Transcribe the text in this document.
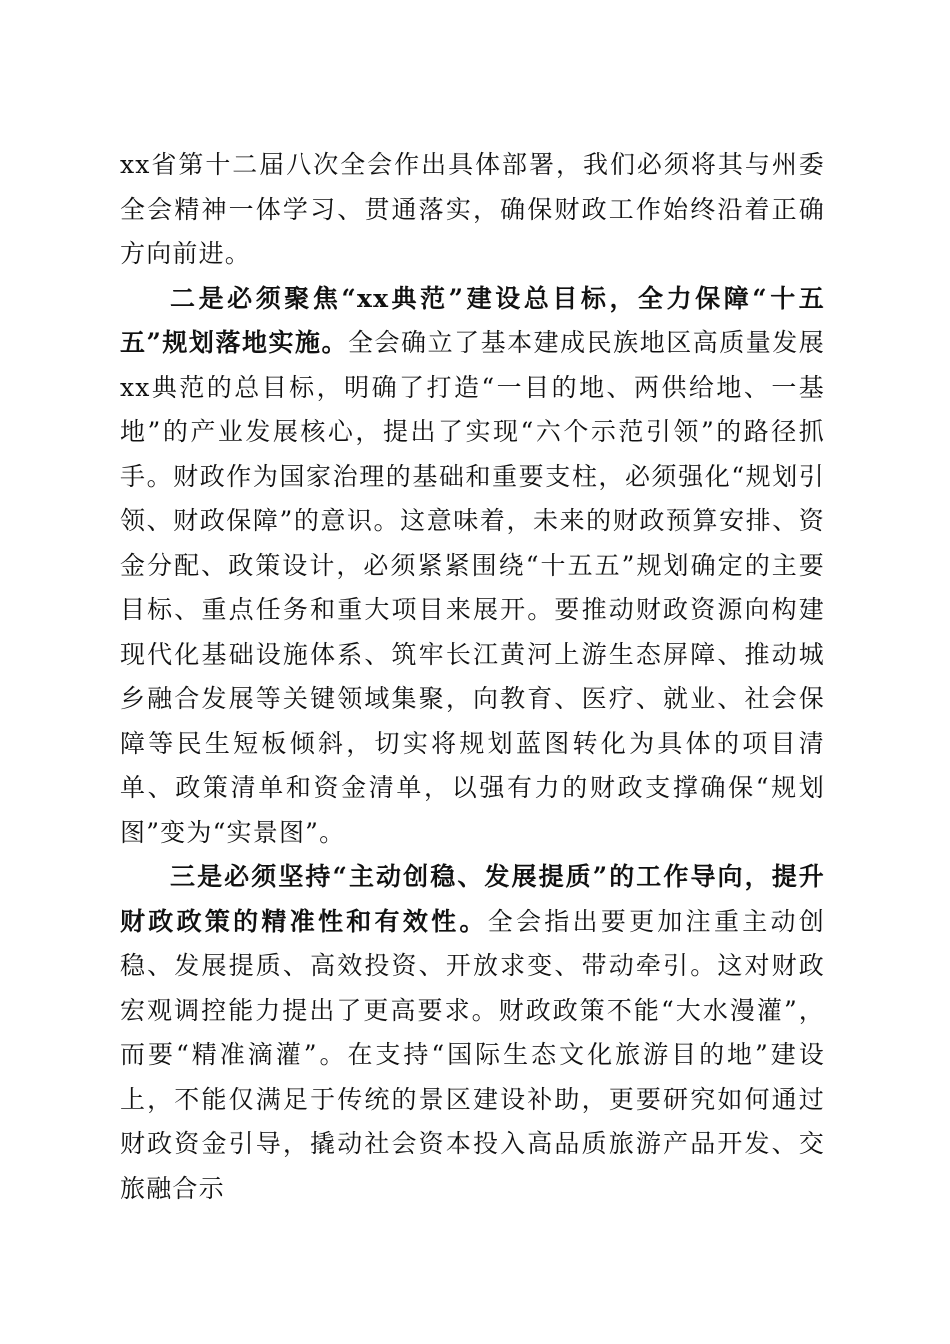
xx省第十二届八次全会作出具体部署，我们必须将其与州委全会精神一体学习、贯通落实，确保财政工作始终沿着正确方向前进。

二是必须聚焦“xx典范”建设总目标，全力保障“十五五”规划落地实施。全会确立了基本建成民族地区高质量发展xx典范的总目标，明确了打造“一目的地、两供给地、一基地”的产业发展核心，提出了实现“六个示范引领”的路径抓手。财政作为国家治理的基础和重要支柱，必须强化“规划引领、财政保障”的意识。这意味着，未来的财政预算安排、资金分配、政策设计，必须紧紧围绕“十五五”规划确定的主要目标、重点任务和重大项目来展开。要推动财政资源向构建现代化基础设施体系、筑牢长江黄河上游生态屏障、推动城乡融合发展等关键领域集聚，向教育、医疗、就业、社会保障等民生短板倾斜，切实将规划蓝图转化为具体的项目清单、政策清单和资金清单，以强有力的财政支撑确保“规划图”变为“实景图”。

三是必须坚持“主动创稳、发展提质”的工作导向，提升财政政策的精准性和有效性。全会指出要更加注重主动创稳、发展提质、高效投资、开放求变、带动牵引。这对财政宏观调控能力提出了更高要求。财政政策不能“大水漫灌”，而要“精准滴灌”。在支持“国际生态文化旅游目的地”建设上，不能仅满足于传统的景区建设补助，更要研究如何通过财政资金引导，撬动社会资本投入高品质旅游产品开发、交旅融合示
